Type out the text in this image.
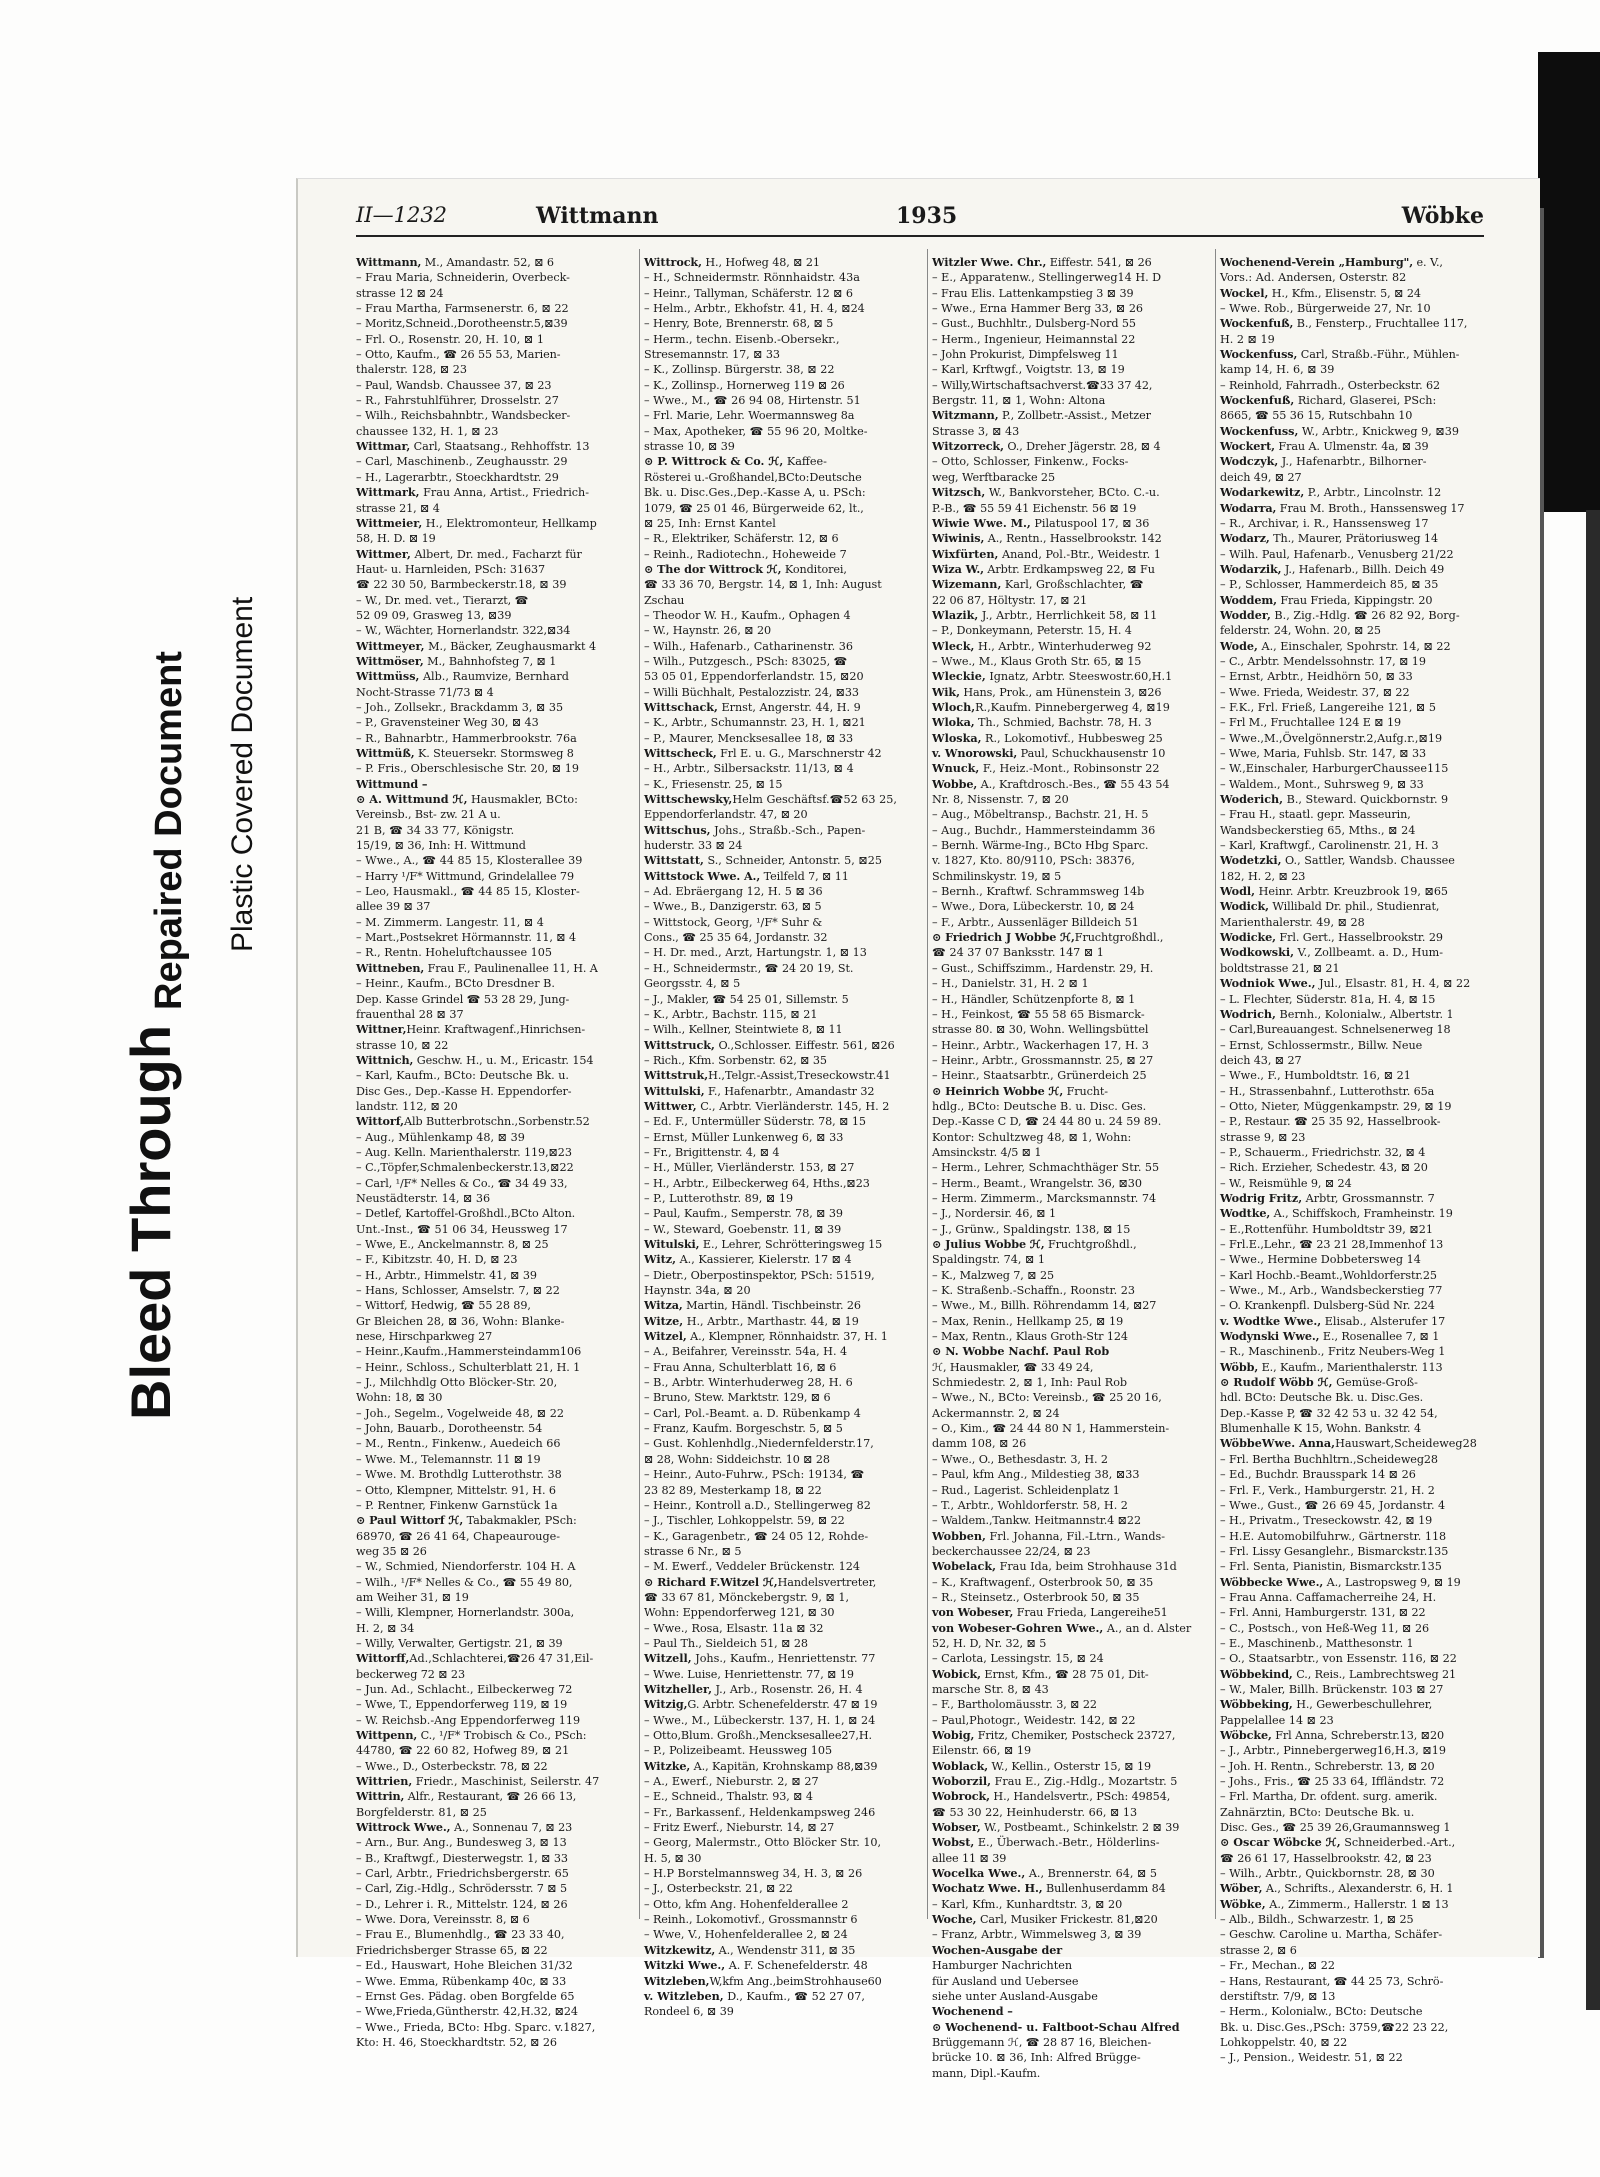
Bleed Through
Repaired Document Plastic Covered Document
II—1232	Wittmann	1935	Wöbke

Wittmann, M., Amandastr. 52, ⊠ 6

– Frau Maria, Schneiderin, Overbeck-

strasse 12 ⊠ 24

– Frau Martha, Farmsenerstr. 6, ⊠ 22

– Moritz,Schneid.,Dorotheenstr.5,⊠39

– Frl. O., Rosenstr. 20, H. 10, ⊠ 1

– Otto, Kaufm., ☎ 26 55 53, Marien-

thalerstr. 128, ⊠ 23

– Paul, Wandsb. Chaussee 37, ⊠ 23

– R., Fahrstuhlführer, Drosselstr. 27

– Wilh., Reichsbahnbtr., Wandsbecker-

chaussee 132, H. 1, ⊠ 23

Wittmar, Carl, Staatsang., Rehhoffstr. 13

– Carl, Maschinenb., Zeughausstr. 29

– H., Lagerarbtr., Stoeckhardtstr. 29

Wittmark, Frau Anna, Artist., Friedrich-

strasse 21, ⊠ 4

Wittmeier, H., Elektromonteur, Hellkamp

58, H. D. ⊠ 19

Wittmer, Albert, Dr. med., Facharzt für

Haut- u. Harnleiden, PSch: 31637

☎ 22 30 50, Barmbeckerstr.18, ⊠ 39

– W., Dr. med. vet., Tierarzt, ☎

52 09 09, Grasweg 13, ⊠39

– W., Wächter, Hornerlandstr. 322,⊠34

Wittmeyer, M., Bäcker, Zeughausmarkt 4

Wittmöser, M., Bahnhofsteg 7, ⊠ 1

Wittmüss, Alb., Raumvize, Bernhard

Nocht-Strasse 71/73 ⊠ 4

– Joh., Zollsekr., Brackdamm 3, ⊠ 35

– P., Gravensteiner Weg 30, ⊠ 43

– R., Bahnarbtr., Hammerbrookstr. 76a

Wittmüß, K. Steuersekr. Stormsweg 8

– P. Fris., Oberschlesische Str. 20, ⊠ 19

Wittmund –

⊙ A. Wittmund ℋ, Hausmakler, BCto:

Vereinsb., Bst- zw. 21 A u.

21 B, ☎ 34 33 77, Königstr.

15/19, ⊠ 36, Inh: H. Wittmund

– Wwe., A., ☎ 44 85 15, Klosterallee 39

– Harry ¹/F* Wittmund, Grindelallee 79

– Leo, Hausmakl., ☎ 44 85 15, Kloster-

allee 39 ⊠ 37

– M. Zimmerm. Langestr. 11, ⊠ 4

– Mart.,Postsekret Hörmannstr. 11, ⊠ 4

– R., Rentn. Hoheluftchaussee 105

Wittneben, Frau F., Paulinenallee 11, H. A

– Heinr., Kaufm., BCto Dresdner B.

Dep. Kasse Grindel ☎ 53 28 29, Jung-

frauenthal 28 ⊠ 37

Wittner,Heinr. Kraftwagenf.,Hinrichsen-

strasse 10, ⊠ 22

Wittnich, Geschw. H., u. M., Ericastr. 154

– Karl, Kaufm., BCto: Deutsche Bk. u.

Disc Ges., Dep.-Kasse H. Eppendorfer-

landstr. 112, ⊠ 20

Wittorf,Alb Butterbrotschn.,Sorbenstr.52

– Aug., Mühlenkamp 48, ⊠ 39

– Aug. Kelln. Marienthalerstr. 119,⊠23

– C.,Töpfer,Schmalenbeckerstr.13,⊠22

– Carl, ¹/F* Nelles & Co., ☎ 34 49 33,

Neustädterstr. 14, ⊠ 36

– Detlef, Kartoffel-Großhdl.,BCto Alton.

Unt.-Inst., ☎ 51 06 34, Heussweg 17

– Wwe, E., Anckelmannstr. 8, ⊠ 25

– F., Kibitzstr. 40, H. D, ⊠ 23

– H., Arbtr., Himmelstr. 41, ⊠ 39

– Hans, Schlosser, Amselstr. 7, ⊠ 22

– Wittorf, Hedwig, ☎ 55 28 89,

Gr Bleichen 28, ⊠ 36, Wohn: Blanke-

nese, Hirschparkweg 27

– Heinr.,Kaufm.,Hammersteindamm106

– Heinr., Schloss., Schulterblatt 21, H. 1

– J., Milchhdlg Otto Blöcker-Str. 20,

Wohn: 18, ⊠ 30

– Joh., Segelm., Vogelweide 48, ⊠ 22

– John, Bauarb., Dorotheenstr. 54

– M., Rentn., Finkenw., Auedeich 66

– Wwe. M., Telemannstr. 11 ⊠ 19

– Wwe. M. Brothdlg Lutterothstr. 38

– Otto, Klempner, Mittelstr. 91, H. 6

– P. Rentner, Finkenw Garnstück 1a

⊙ Paul Wittorf ℋ, Tabakmakler, PSch:

68970, ☎ 26 41 64, Chapeaurouge-

weg 35 ⊠ 26

– W., Schmied, Niendorferstr. 104 H. A

– Wilh., ¹/F* Nelles & Co., ☎ 55 49 80,

am Weiher 31, ⊠ 19

– Willi, Klempner, Hornerlandstr. 300a,

H. 2, ⊠ 34

– Willy, Verwalter, Gertigstr. 21, ⊠ 39

Wittorff,Ad.,Schlachterei,☎26 47 31,Eil-

beckerweg 72 ⊠ 23

– Jun. Ad., Schlacht., Eilbeckerweg 72

– Wwe, T., Eppendorferweg 119, ⊠ 19

– W. Reichsb.-Ang Eppendorferweg 119

Wittpenn, C., ¹/F* Trobisch & Co., PSch:

44780, ☎ 22 60 82, Hofweg 89, ⊠ 21

– Wwe., D., Osterbeckstr. 78, ⊠ 22

Wittrien, Friedr., Maschinist, Seilerstr. 47

Wittrin, Alfr., Restaurant, ☎ 26 66 13,

Borgfelderstr. 81, ⊠ 25

Wittrock Wwe., A., Sonnenau 7, ⊠ 23

– Arn., Bur. Ang., Bundesweg 3, ⊠ 13

– B., Kraftwgf., Diesterwegstr. 1, ⊠ 33

– Carl, Arbtr., Friedrichsbergerstr. 65

– Carl, Zig.-Hdlg., Schrödersstr. 7 ⊠ 5

– D., Lehrer i. R., Mittelstr. 124, ⊠ 26

– Wwe. Dora, Vereinsstr. 8, ⊠ 6

– Frau E., Blumenhdlg., ☎ 23 33 40,

Friedrichsberger Strasse 65, ⊠ 22

– Ed., Hauswart, Hohe Bleichen 31/32

– Wwe. Emma, Rübenkamp 40c, ⊠ 33

– Ernst Ges. Pädag. oben Borgfelde 65

– Wwe,Frieda,Güntherstr. 42,H.32, ⊠24

– Wwe., Frieda, BCto: Hbg. Sparc. v.1827,

Kto: H. 46, Stoeckhardtstr. 52, ⊠ 26

Wittrock, H., Hofweg 48, ⊠ 21

– H., Schneidermstr. Rönnhaidstr. 43a

– Heinr., Tallyman, Schäferstr. 12 ⊠ 6

– Helm., Arbtr., Ekhofstr. 41, H. 4, ⊠24

– Henry, Bote, Brennerstr. 68, ⊠ 5

– Herm., techn. Eisenb.-Obersekr.,

Stresemannstr. 17, ⊠ 33

– K., Zollinsp. Bürgerstr. 38, ⊠ 22

– K., Zollinsp., Hornerweg 119 ⊠ 26

– Wwe., M., ☎ 26 94 08, Hirtenstr. 51

– Frl. Marie, Lehr. Woermannsweg 8a

– Max, Apotheker, ☎ 55 96 20, Moltke-

strasse 10, ⊠ 39

⊙ P. Wittrock & Co. ℋ, Kaffee-

Rösterei u.-Großhandel,BCto:Deutsche

Bk. u. Disc.Ges.,Dep.-Kasse A, u. PSch:

1079, ☎ 25 01 46, Bürgerweide 62, lt.,

⊠ 25, Inh: Ernst Kantel

– R., Elektriker, Schäferstr. 12, ⊠ 6

– Reinh., Radiotechn., Hoheweide 7

⊙ The dor Wittrock ℋ, Konditorei,

☎ 33 36 70, Bergstr. 14, ⊠ 1, Inh: August

Zschau

– Theodor W. H., Kaufm., Ophagen 4

– W., Haynstr. 26, ⊠ 20

– Wilh., Hafenarb., Catharinenstr. 36

– Wilh., Putzgesch., PSch: 83025, ☎

53 05 01, Eppendorferlandstr. 15, ⊠20

– Willi Büchhalt, Pestalozzistr. 24, ⊠33

Wittschack, Ernst, Angerstr. 44, H. 9

– K., Arbtr., Schumannstr. 23, H. 1, ⊠21

– P., Maurer, Mencksesallee 18, ⊠ 33

Wittscheck, Frl E. u. G., Marschnerstr 42

– H., Arbtr., Silbersackstr. 11/13, ⊠ 4

– K., Friesenstr. 25, ⊠ 15

Wittschewsky,Helm Geschäftsf.☎52 63 25,

Eppendorferlandstr. 47, ⊠ 20

Wittschus, Johs., Straßb.-Sch., Papen-

huderstr. 33 ⊠ 24

Wittstatt, S., Schneider, Antonstr. 5, ⊠25

Wittstock Wwe. A., Teilfeld 7, ⊠ 11

– Ad. Ebräergang 12, H. 5 ⊠ 36

– Wwe., B., Danzigerstr. 63, ⊠ 5

– Wittstock, Georg, ¹/F* Suhr &

Cons., ☎ 25 35 64, Jordanstr. 32

– H. Dr. med., Arzt, Hartungstr. 1, ⊠ 13

– H., Schneidermstr., ☎ 24 20 19, St.

Georgsstr. 4, ⊠ 5

– J., Makler, ☎ 54 25 01, Sillemstr. 5

– K., Arbtr., Bachstr. 115, ⊠ 21

– Wilh., Kellner, Steintwiete 8, ⊠ 11

Wittstruck, O.,Schlosser. Eiffestr. 561, ⊠26

– Rich., Kfm. Sorbenstr. 62, ⊠ 35

Wittstruk,H.,Telgr.-Assist,Treseckowstr.41

Wittulski, F., Hafenarbtr., Amandastr 32

Wittwer, C., Arbtr. Vierländerstr. 145, H. 2

– Ed. F., Untermüller Süderstr. 78, ⊠ 15

– Ernst, Müller Lunkenweg 6, ⊠ 33

– Fr., Brigittenstr. 4, ⊠ 4

– H., Müller, Vierländerstr. 153, ⊠ 27

– H., Arbtr., Eilbeckerweg 64, Hths.,⊠23

– P., Lutterothstr. 89, ⊠ 19

– Paul, Kaufm., Semperstr. 78, ⊠ 39

– W., Steward, Goebenstr. 11, ⊠ 39

Witulski, E., Lehrer, Schrötteringsweg 15

Witz, A., Kassierer, Kielerstr. 17 ⊠ 4

– Dietr., Oberpostinspektor, PSch: 51519,

Haynstr. 34a, ⊠ 20

Witza, Martin, Händl. Tischbeinstr. 26

Witze, H., Arbtr., Marthastr. 44, ⊠ 19

Witzel, A., Klempner, Rönnhaidstr. 37, H. 1

– A., Beifahrer, Vereinsstr. 54a, H. 4

– Frau Anna, Schulterblatt 16, ⊠ 6

– B., Arbtr. Winterhuderweg 28, H. 6

– Bruno, Stew. Marktstr. 129, ⊠ 6

– Carl, Pol.-Beamt. a. D. Rübenkamp 4

– Franz, Kaufm. Borgeschstr. 5, ⊠ 5

– Gust. Kohlenhdlg.,Niedernfelderstr.17,

⊠ 28, Wohn: Siddeichstr. 10 ⊠ 28

– Heinr., Auto-Fuhrw., PSch: 19134, ☎

23 82 89, Mesterkamp 18, ⊠ 22

– Heinr., Kontroll a.D., Stellingerweg 82

– J., Tischler, Lohkoppelstr. 59, ⊠ 22

– K., Garagenbetr., ☎ 24 05 12, Rohde-

strasse 6 Nr., ⊠ 5

– M. Ewerf., Veddeler Brückenstr. 124

⊙ Richard F.Witzel ℋ,Handelsvertreter,

☎ 33 67 81, Mönckebergstr. 9, ⊠ 1,

Wohn: Eppendorferweg 121, ⊠ 30

– Wwe., Rosa, Elsastr. 11a ⊠ 32

– Paul Th., Sieldeich 51, ⊠ 28

Witzell, Johs., Kaufm., Henriettenstr. 77

– Wwe. Luise, Henriettenstr. 77, ⊠ 19

Witzheller, J., Arb., Rosenstr. 26, H. 4

Witzig,G. Arbtr. Schenefelderstr. 47 ⊠ 19

– Wwe., M., Lübeckerstr. 137, H. 1, ⊠ 24

– Otto,Blum. Großh.,Mencksesallee27,H.

– P., Polizeibeamt. Heussweg 105

Witzke, A., Kapitän, Krohnskamp 88,⊠39

– A., Ewerf., Nieburstr. 2, ⊠ 27

– E., Schneid., Thalstr. 93, ⊠ 4

– Fr., Barkassenf., Heldenkampsweg 246

– Fritz Ewerf., Nieburstr. 14, ⊠ 27

– Georg, Malermstr., Otto Blöcker Str. 10,

H. 5, ⊠ 30

– H.P Borstelmannsweg 34, H. 3, ⊠ 26

– J., Osterbeckstr. 21, ⊠ 22

– Otto, kfm Ang. Hohenfelderallee 2

– Reinh., Lokomotivf., Grossmannstr 6

– Wwe, V., Hohenfelderallee 2, ⊠ 24

Witzkewitz, A., Wendenstr 311, ⊠ 35

Witzki Wwe., A. F. Schenefelderstr. 48

Witzleben,W,kfm Ang.,beimStrohhause60

v. Witzleben, D., Kaufm., ☎ 52 27 07,

Rondeel 6, ⊠ 39

Witzler Wwe. Chr., Eiffestr. 541, ⊠ 26

– E., Apparatenw., Stellingerweg14 H. D

– Frau Elis. Lattenkampstieg 3 ⊠ 39

– Wwe., Erna Hammer Berg 33, ⊠ 26

– Gust., Buchhltr., Dulsberg-Nord 55

– Herm., Ingenieur, Heimannstal 22

– John Prokurist, Dimpfelsweg 11

– Karl, Krftwgf., Voigtstr. 13, ⊠ 19

– Willy,Wirtschaftsachverst.☎33 37 42,

Bergstr. 11, ⊠ 1, Wohn: Altona

Witzmann, P., Zollbetr.-Assist., Metzer

Strasse 3, ⊠ 43

Witzorreck, O., Dreher Jägerstr. 28, ⊠ 4

– Otto, Schlosser, Finkenw., Focks-

weg, Werftbaracke 25

Witzsch, W., Bankvorsteher, BCto. C.-u.

P.-B., ☎ 55 59 41 Eichenstr. 56 ⊠ 19

Wiwie Wwe. M., Pilatuspool 17, ⊠ 36

Wiwinis, A., Rentn., Hasselbrookstr. 142

Wixfürten, Anand, Pol.-Btr., Weidestr. 1

Wiza W., Arbtr. Erdkampsweg 22, ⊠ Fu

Wizemann, Karl, Großschlachter, ☎

22 06 87, Höltystr. 17, ⊠ 21

Wlazik, J., Arbtr., Herrlichkeit 58, ⊠ 11

– P., Donkeymann, Peterstr. 15, H. 4

Wleck, H., Arbtr., Winterhuderweg 92

– Wwe., M., Klaus Groth Str. 65, ⊠ 15

Wleckie, Ignatz, Arbtr. Steeswostr.60,H.1

Wik, Hans, Prok., am Hünenstein 3, ⊠26

Wloch,R.,Kaufm. Pinnebergerweg 4, ⊠19

Wloka, Th., Schmied, Bachstr. 78, H. 3

Wloska, R., Lokomotivf., Hubbesweg 25

v. Wnorowski, Paul, Schuckhausenstr 10

Wnuck, F., Heiz.-Mont., Robinsonstr 22

Wobbe, A., Kraftdrosch.-Bes., ☎ 55 43 54

Nr. 8, Nissenstr. 7, ⊠ 20

– Aug., Möbeltransp., Bachstr. 21, H. 5

– Aug., Buchdr., Hammersteindamm 36

– Bernh. Wärme-Ing., BCto Hbg Sparc.

v. 1827, Kto. 80/9110, PSch: 38376,

Schmilinskystr. 19, ⊠ 5

– Bernh., Kraftwf. Schrammsweg 14b

– Wwe., Dora, Lübeckerstr. 10, ⊠ 24

– F., Arbtr., Aussenläger Billdeich 51

⊙ Friedrich J Wobbe ℋ,Fruchtgroßhdl.,

☎ 24 37 07 Banksstr. 147 ⊠ 1

– Gust., Schiffszimm., Hardenstr. 29, H.

– H., Danielstr. 31, H. 2 ⊠ 1

– H., Händler, Schützenpforte 8, ⊠ 1

– H., Feinkost, ☎ 55 58 65 Bismarck-

strasse 80. ⊠ 30, Wohn. Wellingsbüttel

– Heinr., Arbtr., Wackerhagen 17, H. 3

– Heinr., Arbtr., Grossmannstr. 25, ⊠ 27

– Heinr., Staatsarbtr., Grünerdeich 25

⊙ Heinrich Wobbe ℋ, Frucht-

hdlg., BCto: Deutsche B. u. Disc. Ges.

Dep.-Kasse C D, ☎ 24 44 80 u. 24 59 89.

Kontor: Schultzweg 48, ⊠ 1, Wohn:

Amsinckstr. 4/5 ⊠ 1

– Herm., Lehrer, Schmachthäger Str. 55

– Herm., Beamt., Wrangelstr. 36, ⊠30

– Herm. Zimmerm., Marcksmannstr. 74

– J., Nordersir. 46, ⊠ 1

– J., Grünw., Spaldingstr. 138, ⊠ 15

⊙ Julius Wobbe ℋ, Fruchtgroßhdl.,

Spaldingstr. 74, ⊠ 1

– K., Malzweg 7, ⊠ 25

– K. Straßenb.-Schaffn., Roonstr. 23

– Wwe., M., Billh. Röhrendamm 14, ⊠27

– Max, Renin., Hellkamp 25, ⊠ 19

– Max, Rentn., Klaus Groth-Str 124

⊙ N. Wobbe Nachf. Paul Rob

ℋ, Hausmakler, ☎ 33 49 24,

Schmiedestr. 2, ⊠ 1, Inh: Paul Rob

– Wwe., N., BCto: Vereinsb., ☎ 25 20 16,

Ackermannstr. 2, ⊠ 24

– O., Kim., ☎ 24 44 80 N 1, Hammerstein-

damm 108, ⊠ 26

– Wwe., O., Bethesdastr. 3, H. 2

– Paul, kfm Ang., Mildestieg 38, ⊠33

– Rud., Lagerist. Schleidenplatz 1

– T., Arbtr., Wohldorferstr. 58, H. 2

– Waldem.,Tankw. Heitmannstr.4 ⊠22

Wobben, Frl. Johanna, Fil.-Ltrn., Wands-

beckerchaussee 22/24, ⊠ 23

Wobelack, Frau Ida, beim Strohhause 31d

– K., Kraftwagenf., Osterbrook 50, ⊠ 35

– R., Steinsetz., Osterbrook 50, ⊠ 35

von Wobeser, Frau Frieda, Langereihe51

von Wobeser-Gohren Wwe., A., an d. Alster

52, H. D, Nr. 32, ⊠ 5

– Carlota, Lessingstr. 15, ⊠ 24

Wobick, Ernst, Kfm., ☎ 28 75 01, Dit-

marsche Str. 8, ⊠ 43

– F., Bartholomäusstr. 3, ⊠ 22

– Paul,Photogr., Weidestr. 142, ⊠ 22

Wobig, Fritz, Chemiker, Postscheck 23727,

Eilenstr. 66, ⊠ 19

Woblack, W., Kellin., Osterstr 15, ⊠ 19

Woborzil, Frau E., Zig.-Hdlg., Mozartstr. 5

Wobrock, H., Handelsvertr., PSch: 49854,

☎ 53 30 22, Heinhuderstr. 66, ⊠ 13

Wobser, W., Postbeamt., Schinkelstr. 2 ⊠ 39

Wobst, E., Überwach.-Betr., Hölderlins-

allee 11 ⊠ 39

Wocelka Wwe., A., Brennerstr. 64, ⊠ 5

Wochatz Wwe. H., Bullenhuserdamm 84

– Karl, Kfm., Kunhardtstr. 3, ⊠ 20

Woche, Carl, Musiker Frickestr. 81,⊠20

– Franz, Arbtr., Wimmelsweg 3, ⊠ 39

Wochen-Ausgabe der

Hamburger Nachrichten

für Ausland und Uebersee

siehe unter Ausland-Ausgabe

Wochenend –

⊙ Wochenend- u. Faltboot-Schau Alfred

Brüggemann ℋ, ☎ 28 87 16, Bleichen-

brücke 10. ⊠ 36, Inh: Alfred Brügge-

mann, Dipl.-Kaufm.

Wochenend-Verein „Hamburg", e. V.,

Vors.: Ad. Andersen, Osterstr. 82

Wockel, H., Kfm., Elisenstr. 5, ⊠ 24

– Wwe. Rob., Bürgerweide 27, Nr. 10

Wockenfuß, B., Fensterp., Fruchtallee 117,

H. 2 ⊠ 19

Wockenfuss, Carl, Straßb.-Führ., Mühlen-

kamp 14, H. 6, ⊠ 39

– Reinhold, Fahrradh., Osterbeckstr. 62

Wockenfuß, Richard, Glaserei, PSch:

8665, ☎ 55 36 15, Rutschbahn 10

Wockenfuss, W., Arbtr., Knickweg 9, ⊠39

Wockert, Frau A. Ulmenstr. 4a, ⊠ 39

Wodczyk, J., Hafenarbtr., Bilhorner-

deich 49, ⊠ 27

Wodarkewitz, P., Arbtr., Lincolnstr. 12

Wodarra, Frau M. Broth., Hanssensweg 17

– R., Archivar, i. R., Hanssensweg 17

Wodarz, Th., Maurer, Prätoriusweg 14

– Wilh. Paul, Hafenarb., Venusberg 21/22

Wodarzik, J., Hafenarb., Billh. Deich 49

– P., Schlosser, Hammerdeich 85, ⊠ 35

Woddem, Frau Frieda, Kippingstr. 20

Wodder, B., Zig.-Hdlg. ☎ 26 82 92, Borg-

felderstr. 24, Wohn. 20, ⊠ 25

Wode, A., Einschaler, Spohrstr. 14, ⊠ 22

– C., Arbtr. Mendelssohnstr. 17, ⊠ 19

– Ernst, Arbtr., Heidhörn 50, ⊠ 33

– Wwe. Frieda, Weidestr. 37, ⊠ 22

– F.K., Frl. Frieß, Langereihe 121, ⊠ 5

– Frl M., Fruchtallee 124 E ⊠ 19

– Wwe.,M.,Övelgönnerstr.2,Aufg.r.,⊠19

– Wwe, Maria, Fuhlsb. Str. 147, ⊠ 33

– W.,Einschaler, HarburgerChaussee115

– Waldem., Mont., Suhrsweg 9, ⊠ 33

Woderich, B., Steward. Quickbornstr. 9

– Frau H., staatl. gepr. Masseurin,

Wandsbeckerstieg 65, Mths., ⊠ 24

– Karl, Kraftwgf., Carolinenstr. 21, H. 3

Wodetzki, O., Sattler, Wandsb. Chaussee

182, H. 2, ⊠ 23

Wodl, Heinr. Arbtr. Kreuzbrook 19, ⊠65

Wodick, Willibald Dr. phil., Studienrat,

Marienthalerstr. 49, ⊠ 28

Wodicke, Frl. Gert., Hasselbrookstr. 29

Wodkowski, V., Zollbeamt. a. D., Hum-

boldtstrasse 21, ⊠ 21

Wodniok Wwe., Jul., Elsastr. 81, H. 4, ⊠ 22

– L. Flechter, Süderstr. 81a, H. 4, ⊠ 15

Wodrich, Bernh., Kolonialw., Albertstr. 1

– Carl,Bureauangest. Schnelsenerweg 18

– Ernst, Schlossermstr., Billw. Neue

deich 43, ⊠ 27

– Wwe., F., Humboldtstr. 16, ⊠ 21

– H., Strassenbahnf., Lutterothstr. 65a

– Otto, Nieter, Müggenkampstr. 29, ⊠ 19

– P., Restaur. ☎ 25 35 92, Hasselbrook-

strasse 9, ⊠ 23

– P., Schauerm., Friedrichstr. 32, ⊠ 4

– Rich. Erzieher, Schedestr. 43, ⊠ 20

– W., Reismühle 9, ⊠ 24

Wodrig Fritz, Arbtr, Grossmannstr. 7

Wodtke, A., Schiffskoch, Framheinstr. 19

– E.,Rottenführ. Humboldtstr 39, ⊠21

– Frl.E.,Lehr., ☎ 23 21 28,Immenhof 13

– Wwe., Hermine Dobbetersweg 14

– Karl Hochb.-Beamt.,Wohldorferstr.25

– Wwe., M., Arb., Wandsbeckerstieg 77

– O. Krankenpfl. Dulsberg-Süd Nr. 224

v. Wodtke Wwe., Elisab., Alsterufer 17

Wodynski Wwe., E., Rosenallee 7, ⊠ 1

– R., Maschinenb., Fritz Neubers-Weg 1

Wöbb, E., Kaufm., Marienthalerstr. 113

⊙ Rudolf Wöbb ℋ, Gemüse-Groß-

hdl. BCto: Deutsche Bk. u. Disc.Ges.

Dep.-Kasse P, ☎ 32 42 53 u. 32 42 54,

Blumenhalle K 15, Wohn. Bankstr. 4

WöbbeWwe. Anna,Hauswart,Scheideweg28

– Frl. Bertha Buchhltrn.,Scheideweg28

– Ed., Buchdr. Brausspark 14 ⊠ 26

– Frl. F., Verk., Hamburgerstr. 21, H. 2

– Wwe., Gust., ☎ 26 69 45, Jordanstr. 4

– H., Privatm., Treseckowstr. 42, ⊠ 19

– H.E. Automobilfuhrw., Gärtnerstr. 118

– Frl. Lissy Gesanglehr., Bismarckstr.135

– Frl. Senta, Pianistin, Bismarckstr.135

Wöbbecke Wwe., A., Lastropsweg 9, ⊠ 19

– Frau Anna. Caffamacherreihe 24, H.

– Frl. Anni, Hamburgerstr. 131, ⊠ 22

– C., Postsch., von Heß-Weg 11, ⊠ 26

– E., Maschinenb., Matthesonstr. 1

– O., Staatsarbtr., von Essenstr. 116, ⊠ 22

Wöbbekind, C., Reis., Lambrechtsweg 21

– W., Maler, Billh. Brückenstr. 103 ⊠ 27

Wöbbeking, H., Gewerbeschullehrer,

Pappelallee 14 ⊠ 23

Wöbcke, Frl Anna, Schreberstr.13, ⊠20

– J., Arbtr., Pinnebergerweg16,H.3, ⊠19

– Joh. H. Rentn., Schreberstr. 13, ⊠ 20

– Johs., Fris., ☎ 25 33 64, Iffländstr. 72

– Frl. Martha, Dr. ofdent. surg. amerik.

Zahnärztin, BCto: Deutsche Bk. u.

Disc. Ges., ☎ 25 39 26,Graumannsweg 1

⊙ Oscar Wöbcke ℋ, Schneiderbed.-Art.,

☎ 26 61 17, Hasselbrookstr. 42, ⊠ 23

– Wilh., Arbtr., Quickbornstr. 28, ⊠ 30

Wöber, A., Schrifts., Alexanderstr. 6, H. 1

Wöbke, A., Zimmerm., Hallerstr. 1 ⊠ 13

– Alb., Bildh., Schwarzestr. 1, ⊠ 25

– Geschw. Caroline u. Martha, Schäfer-

strasse 2, ⊠ 6

– Fr., Mechan., ⊠ 22

– Hans, Restaurant, ☎ 44 25 73, Schrö-

derstiftstr. 7/9, ⊠ 13

– Herm., Kolonialw., BCto: Deutsche

Bk. u. Disc.Ges.,PSch: 3759,☎22 23 22,

Lohkoppelstr. 40, ⊠ 22

– J., Pension., Weidestr. 51, ⊠ 22
